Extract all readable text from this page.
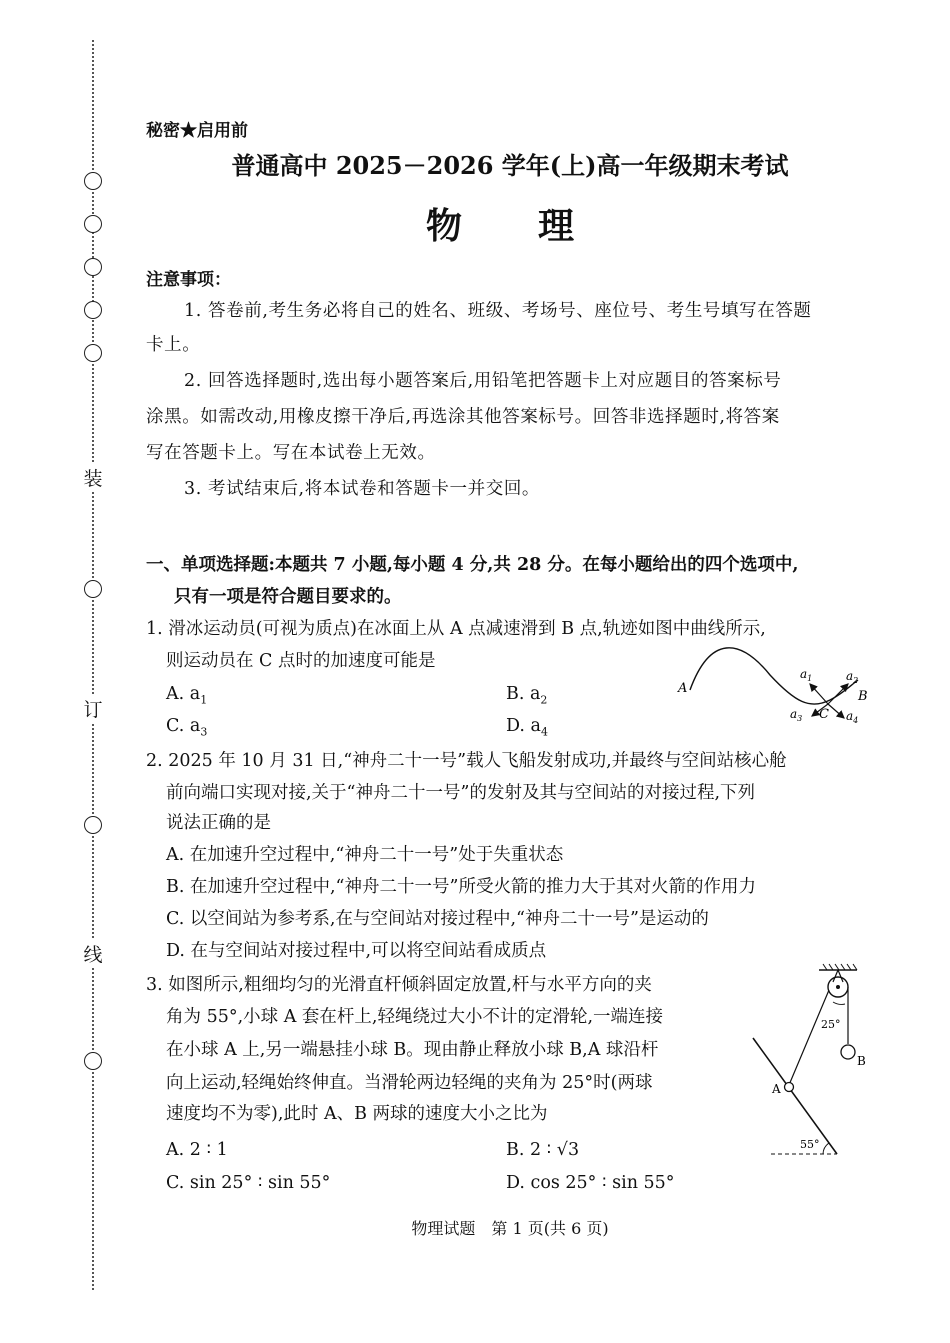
装
订
线
秘密★启用前
普通高中 2025－2026 学年(上)高一年级期末考试
物　理
注意事项：
1. 答卷前,考生务必将自己的姓名、班级、考场号、座位号、考生号填写在答题
卡上。
2. 回答选择题时,选出每小题答案后,用铅笔把答题卡上对应题目的答案标号
涂黑。如需改动,用橡皮擦干净后,再选涂其他答案标号。回答非选择题时,将答案
写在答题卡上。写在本试卷上无效。
3. 考试结束后,将本试卷和答题卡一并交回。
一、单项选择题:本题共 7 小题,每小题 4 分,共 28 分。在每小题给出的四个选项中,
只有一项是符合题目要求的。
1. 滑冰运动员(可视为质点)在冰面上从 A 点减速滑到 B 点,轨迹如图中曲线所示,
则运动员在 C 点时的加速度可能是
A. $a_1$	B. $a_2$
C. $a_3$	D. $a_4$
A
B
C
$a_1$	$a_2$
$a_3$	$a_4$
2. 2025 年 10 月 31 日,“神舟二十一号”载人飞船发射成功,并最终与空间站核心舱
前向端口实现对接,关于“神舟二十一号”的发射及其与空间站的对接过程,下列
说法正确的是
A. 在加速升空过程中,“神舟二十一号”处于失重状态
B. 在加速升空过程中,“神舟二十一号”所受火箭的推力大于其对火箭的作用力
C. 以空间站为参考系,在与空间站对接过程中,“神舟二十一号”是运动的
D. 在与空间站对接过程中,可以将空间站看成质点
3. 如图所示,粗细均匀的光滑直杆倾斜固定放置,杆与水平方向的夹
角为 55°,小球 A 套在杆上,轻绳绕过大小不计的定滑轮,一端连接
在小球 A 上,另一端悬挂小球 B。现由静止释放小球 B,A 球沿杆
向上运动,轻绳始终伸直。当滑轮两边轻绳的夹角为 25°时(两球
速度均不为零),此时 A、B 两球的速度大小之比为
A. 2 ∶ 1	B. 2 ∶ √3
C. sin 25° ∶ sin 55°	D. cos 25° ∶ sin 55°
25°
55°
A
B
物理试题　第 1 页(共 6 页)
